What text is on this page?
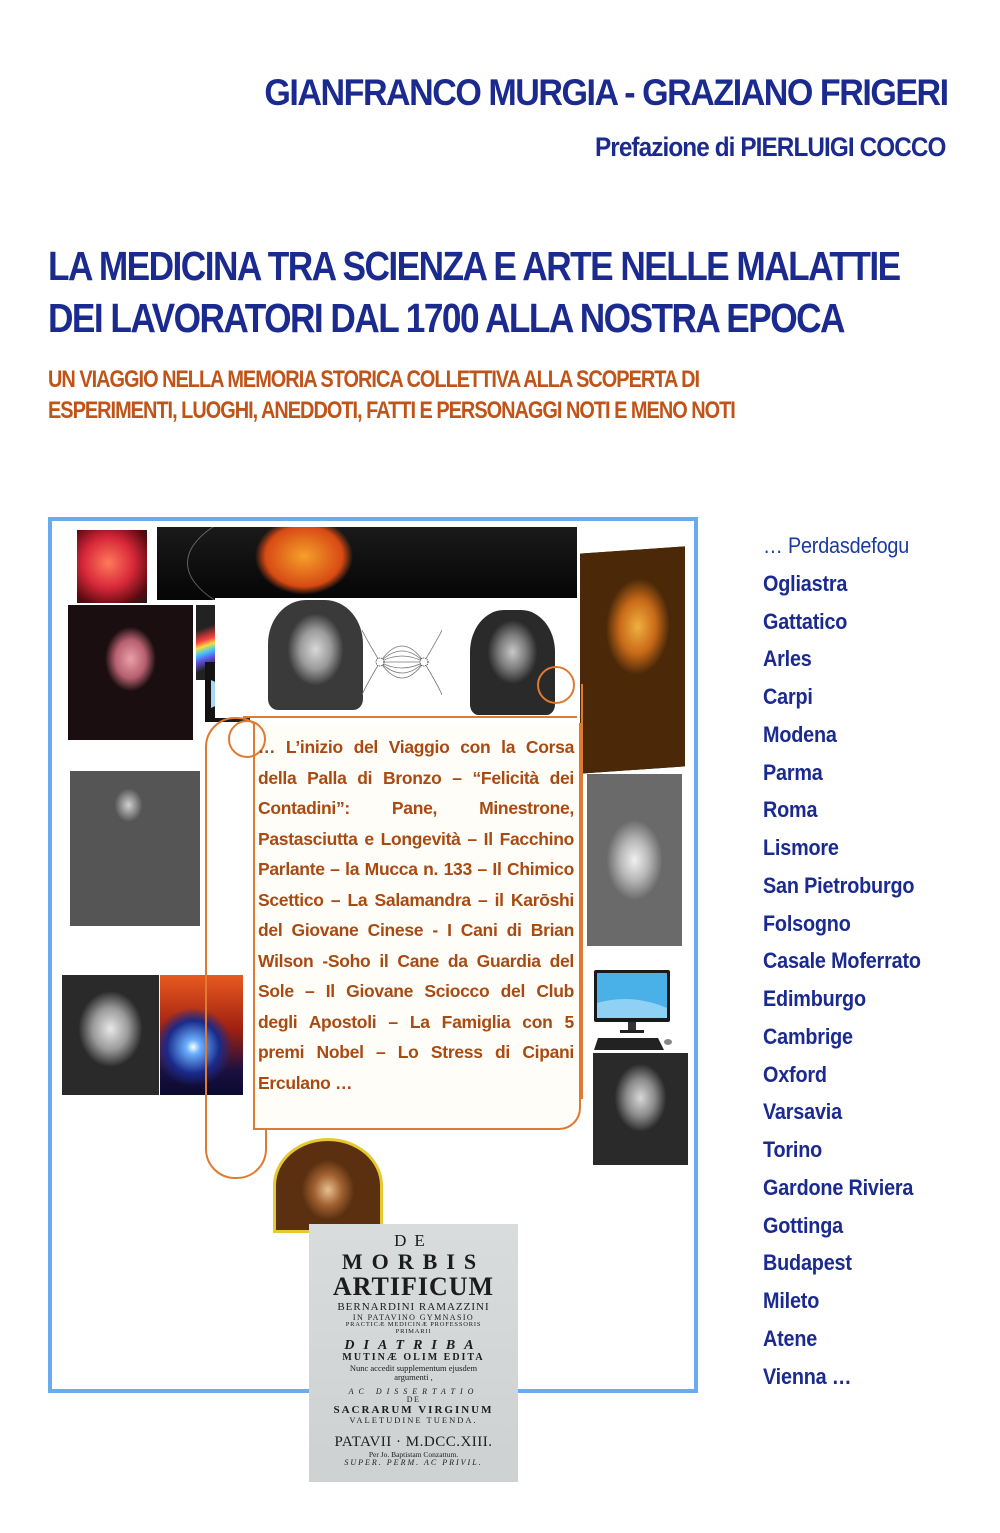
GIANFRANCO MURGIA - GRAZIANO FRIGERI
Prefazione di PIERLUIGI COCCO
LA MEDICINA TRA SCIENZA E ARTE NELLE MALATTIE
DEI LAVORATORI DAL 1700 ALLA NOSTRA EPOCA
UN VIAGGIO NELLA MEMORIA STORICA COLLETTIVA ALLA SCOPERTA DI
ESPERIMENTI, LUOGHI, ANEDDOTI, FATTI E PERSONAGGI NOTI E MENO NOTI
… L’inizio del Viaggio con la Corsa della Palla di Bronzo – “Felicità dei Contadini”: Pane, Minestrone, Pastasciutta e Longevità – Il Facchino Parlante – la Mucca n. 133 – Il Chimico Scettico – La Salamandra – il Karōshi del Giovane Cinese - I Cani di Brian Wilson -Soho il Cane da Guardia del Sole – Il Giovane Sciocco del Club degli Apostoli – La Famiglia con 5 premi Nobel – Lo Stress di Cipani Erculano …
DE
MORBIS
ARTIFICUM
BERNARDINI RAMAZZINI
IN PATAVINO GYMNASIO
PRACTICÆ MEDICINÆ PROFESSORIS
PRIMARII
DIATRIBA
MUTINÆ OLIM EDITA
Nunc accedit supplementum ejusdem
argumenti ,
AC DISSERTATIO
DE
SACRARUM VIRGINUM
VALETUDINE TUENDA.
PATAVII · M.DCC.XIII.
Per Jo. Baptistam Conzattum.
SUPER. PERM. AC PRIVIL.
… Perdasdefogu
Ogliastra
Gattatico
Arles
Carpi
Modena
Parma
Roma
Lismore
San Pietroburgo
Folsogno
Casale Moferrato
Edimburgo
Cambrige
Oxford
Varsavia
Torino
Gardone Riviera
Gottinga
Budapest
Mileto
Atene
Vienna …
